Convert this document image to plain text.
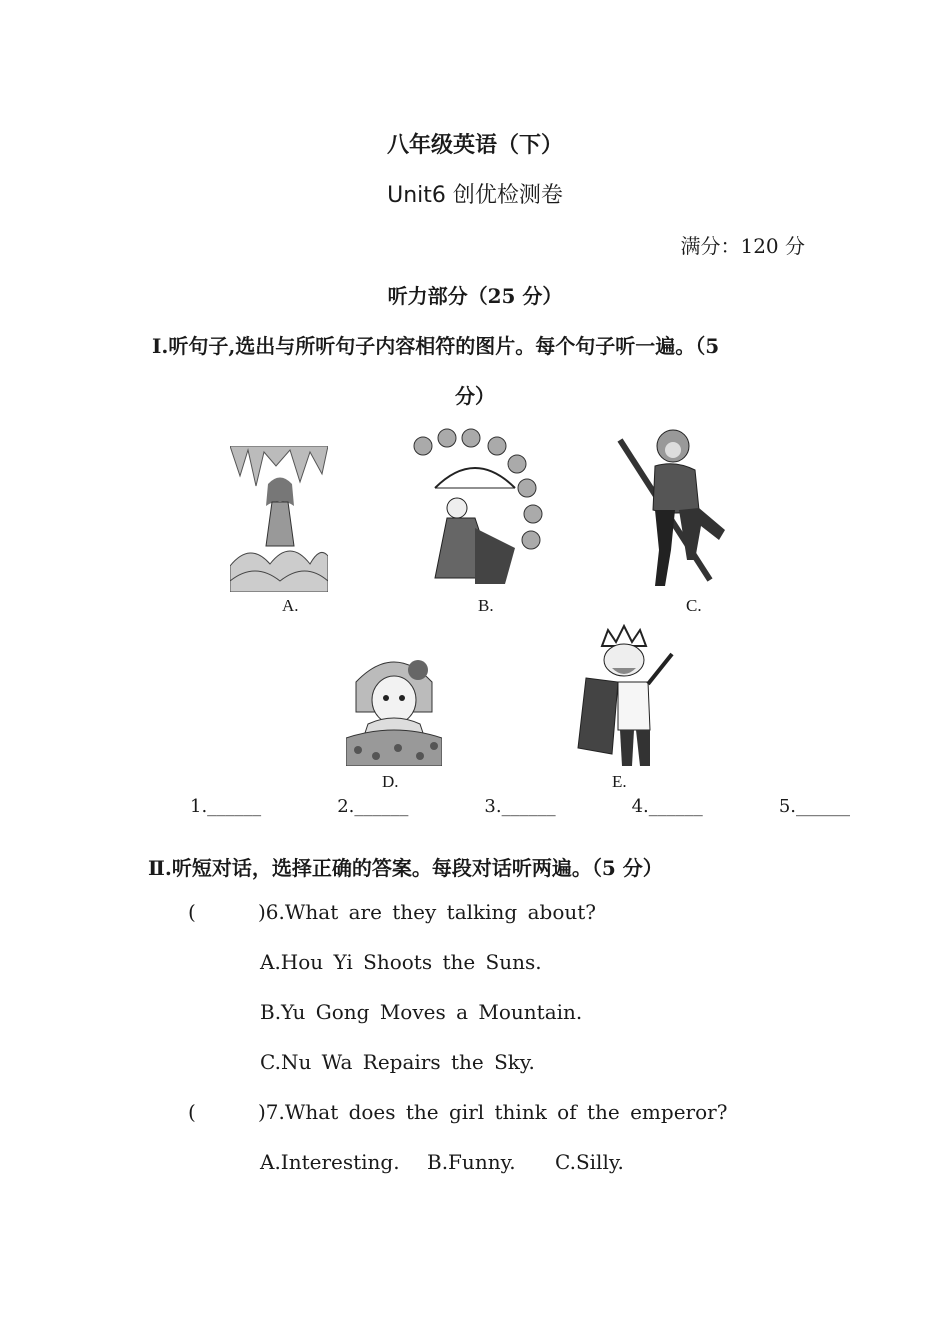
八年级英语（下）
Unit6 创优检测卷
满分：120 分
听力部分（25 分）
Ⅰ.听句子,选出与所听句子内容相符的图片。每个句子听一遍。（5
分）
A.	B.	C.
D.	E.
1.______	2.______	3.______	4.______	5.______
Ⅱ.听短对话，选择正确的答案。每段对话听两遍。（5 分）
(      )6.What are they talking about?
A.Hou Yi Shoots the Suns.
B.Yu Gong Moves a Mountain.
C.Nu Wa Repairs the Sky.
(      )7.What does the girl think of the emperor?
A.Interesting. B.Funny. C.Silly.
